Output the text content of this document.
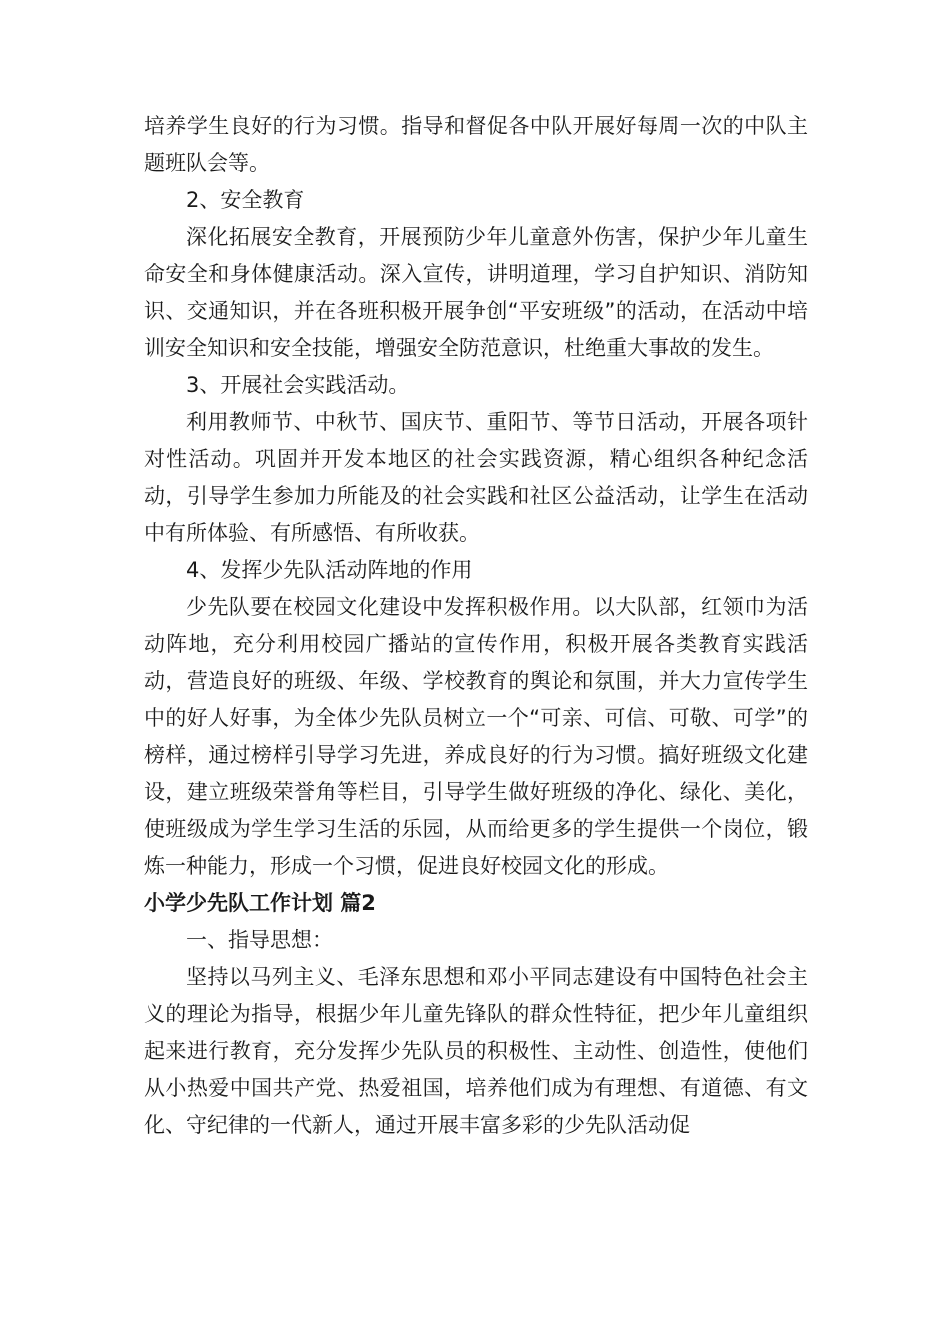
培养学生良好的行为习惯。指导和督促各中队开展好每周一次的中队主题班队会等。

2、安全教育

深化拓展安全教育，开展预防少年儿童意外伤害，保护少年儿童生命安全和身体健康活动。深入宣传，讲明道理，学习自护知识、消防知识、交通知识，并在各班积极开展争创“平安班级”的活动，在活动中培训安全知识和安全技能，增强安全防范意识，杜绝重大事故的发生。

3、开展社会实践活动。

利用教师节、中秋节、国庆节、重阳节、等节日活动，开展各项针对性活动。巩固并开发本地区的社会实践资源，精心组织各种纪念活动，引导学生参加力所能及的社会实践和社区公益活动，让学生在活动中有所体验、有所感悟、有所收获。

4、发挥少先队活动阵地的作用

少先队要在校园文化建设中发挥积极作用。以大队部，红领巾为活动阵地，充分利用校园广播站的宣传作用，积极开展各类教育实践活动，营造良好的班级、年级、学校教育的舆论和氛围，并大力宣传学生中的好人好事，为全体少先队员树立一个“可亲、可信、可敬、可学”的榜样，通过榜样引导学习先进，养成良好的行为习惯。搞好班级文化建设，建立班级荣誉角等栏目，引导学生做好班级的净化、绿化、美化，使班级成为学生学习生活的乐园，从而给更多的学生提供一个岗位，锻炼一种能力，形成一个习惯，促进良好校园文化的形成。

小学少先队工作计划 篇2

一、指导思想：

坚持以马列主义、毛泽东思想和邓小平同志建设有中国特色社会主义的理论为指导，根据少年儿童先锋队的群众性特征，把少年儿童组织起来进行教育，充分发挥少先队员的积极性、主动性、创造性，使他们从小热爱中国共产党、热爱祖国，培养他们成为有理想、有道德、有文化、守纪律的一代新人，通过开展丰富多彩的少先队活动促
